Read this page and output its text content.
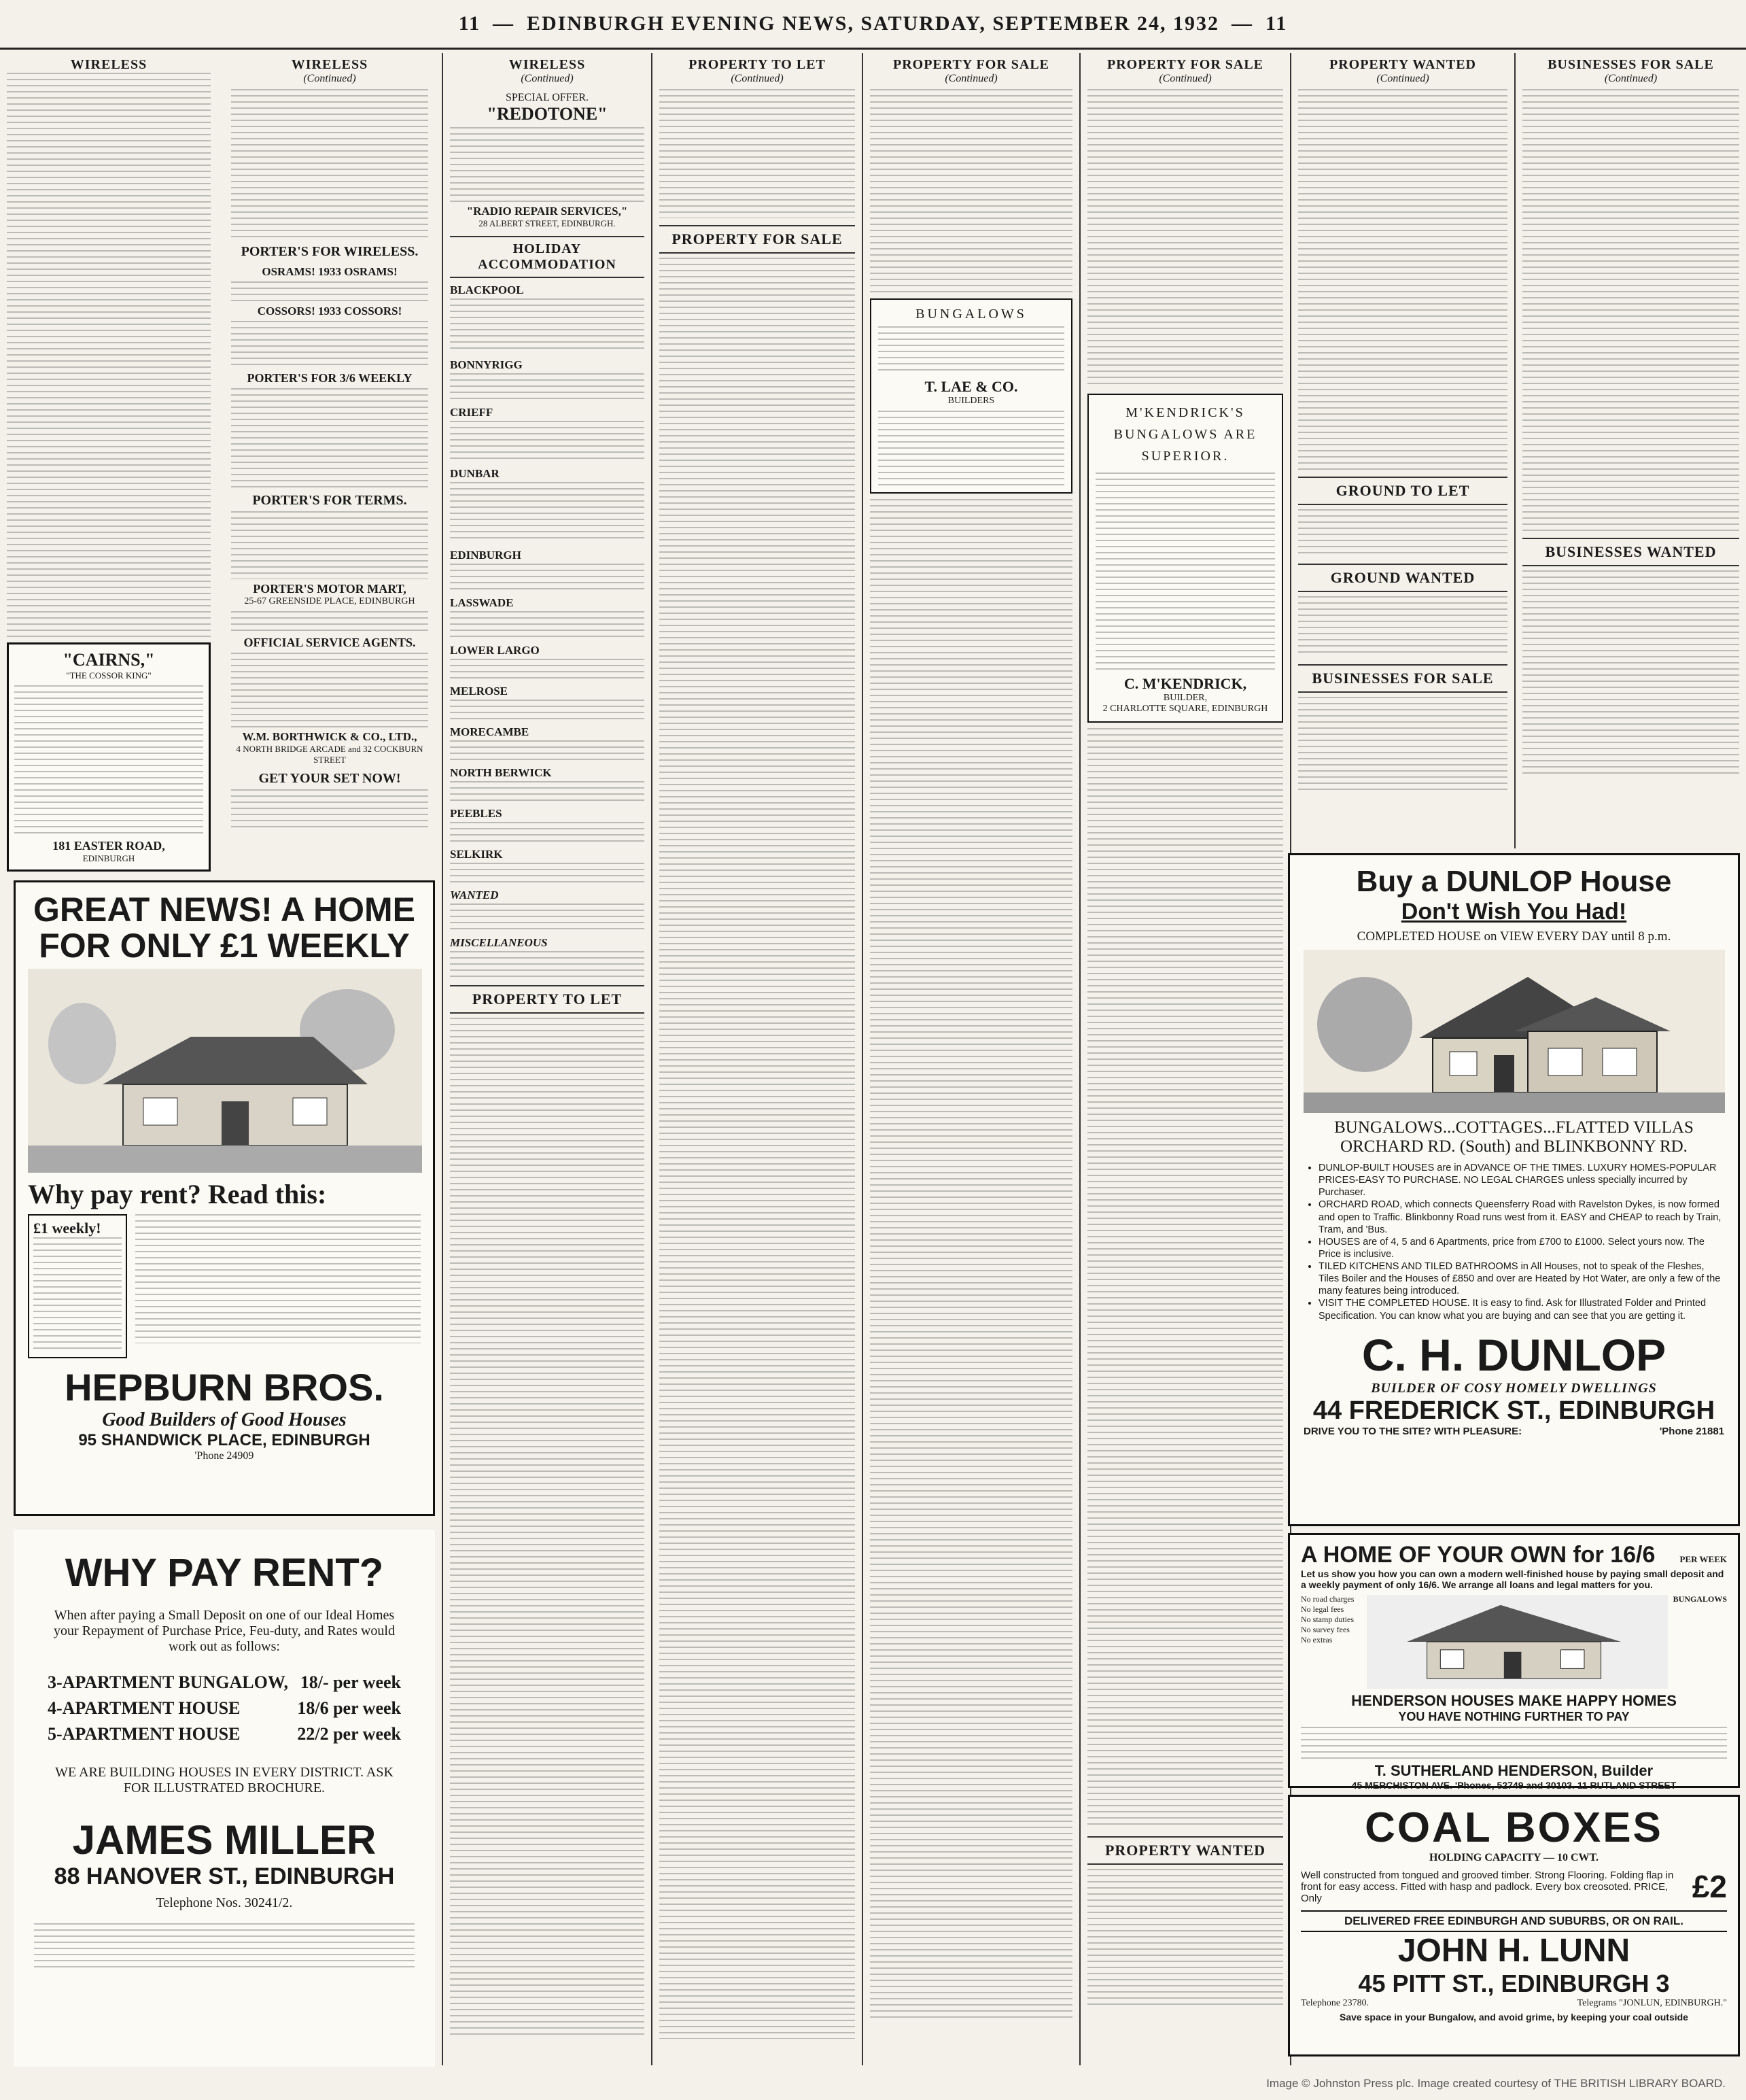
11 — EDINBURGH EVENING NEWS, SATURDAY, SEPTEMBER 24, 1932 — 11
WIRELESS
"CAIRNS,"
"THE COSSOR KING"
181 EASTER ROAD,
EDINBURGH
GREAT NEWS! A HOME
FOR ONLY £1 WEEKLY
Why pay rent? Read this:
£1 weekly!
HEPBURN BROS.
Good Builders of Good Houses
95 SHANDWICK PLACE, EDINBURGH
'Phone 24909
WHY PAY RENT?
When after paying a Small Deposit on one of our Ideal Homes your Repayment of Purchase Price, Feu-duty, and Rates would work out as follows:
3-APARTMENT BUNGALOW, 18/- per week
4-APARTMENT HOUSE	18/6 per week
5-APARTMENT HOUSE	22/2 per week
WE ARE BUILDING HOUSES IN EVERY DISTRICT. ASK FOR ILLUSTRATED BROCHURE.
JAMES MILLER
88 HANOVER ST., EDINBURGH
Telephone Nos. 30241/2.
WIRELESS
(Continued)
PORTER'S FOR WIRELESS.
OSRAMS! 1933 OSRAMS!
COSSORS! 1933 COSSORS!
PORTER'S FOR 3/6 WEEKLY
PORTER'S FOR TERMS.
PORTER'S MOTOR MART,
25-67 GREENSIDE PLACE, EDINBURGH
OFFICIAL SERVICE AGENTS.
W.M. BORTHWICK & CO., LTD.,
4 NORTH BRIDGE ARCADE and 32 COCKBURN STREET
GET YOUR SET NOW!
WIRELESS
(Continued)
SPECIAL OFFER.
"REDOTONE"
"RADIO REPAIR SERVICES,"
28 ALBERT STREET, EDINBURGH.
HOLIDAY ACCOMMODATION
BLACKPOOL
BONNYRIGG
CRIEFF
DUNBAR
EDINBURGH
LASSWADE
LOWER LARGO
MELROSE
MORECAMBE
NORTH BERWICK
PEEBLES
SELKIRK
WANTED
MISCELLANEOUS
PROPERTY TO LET
PROPERTY TO LET
(Continued)
PROPERTY FOR SALE
PROPERTY FOR SALE
(Continued)
BUNGALOWS
T. LAE & CO.
BUILDERS
PROPERTY FOR SALE
(Continued)
M'KENDRICK'S BUNGALOWS ARE SUPERIOR.
C. M'KENDRICK,
BUILDER,
2 CHARLOTTE SQUARE, EDINBURGH
PROPERTY WANTED
PROPERTY WANTED
(Continued)
GROUND TO LET
GROUND WANTED
BUSINESSES FOR SALE
BUSINESSES FOR SALE
(Continued)
BUSINESSES WANTED
Buy a DUNLOP House
Don't Wish You Had!
COMPLETED HOUSE on VIEW EVERY DAY until 8 p.m.
BUNGALOWS...COTTAGES...FLATTED VILLAS
ORCHARD RD. (South) and BLINKBONNY RD.
• DUNLOP-BUILT HOUSES are in ADVANCE OF THE TIMES. LUXURY HOMES-POPULAR PRICES-EASY TO PURCHASE. NO LEGAL CHARGES unless specially incurred by Purchaser.
• ORCHARD ROAD, which connects Queensferry Road with Ravelston Dykes, is now formed and open to Traffic. Blinkbonny Road runs west from it. EASY and CHEAP to reach by Train, Tram, and 'Bus.
• HOUSES are of 4, 5 and 6 Apartments, price from £700 to £1000. Select yours now. The Price is inclusive.
• TILED KITCHENS AND TILED BATHROOMS in All Houses, not to speak of the Fleshes, Tiles Boiler and the Houses of £850 and over are Heated by Hot Water, are only a few of the many features being introduced.
• VISIT THE COMPLETED HOUSE. It is easy to find. Ask for Illustrated Folder and Printed Specification. You can know what you are buying and can see that you are getting it.
C. H. DUNLOP
BUILDER OF COSY HOMELY DWELLINGS
44 FREDERICK ST., EDINBURGH
DRIVE YOU TO THE SITE? WITH PLEASURE:	'Phone 21881
A HOME OF YOUR OWN for 16/6	PER WEEK
Let us show you how you can own a modern well-finished house by paying small deposit and a weekly payment of only 16/6. We arrange all loans and legal matters for you.
No road charges
No legal fees
No stamp duties
No survey fees
No extras
BUNGALOWS
HENDERSON HOUSES MAKE HAPPY HOMES
YOU HAVE NOTHING FURTHER TO PAY
T. SUTHERLAND HENDERSON, Builder
45 MERCHISTON AVE. 'Phones, 52749 and 30103. 11 RUTLAND STREET
COAL BOXES
HOLDING CAPACITY — 10 CWT.
Well constructed from tongued and grooved timber. Strong Flooring. Folding flap in front for easy access. Fitted with hasp and padlock. Every box creosoted. PRICE, Only	£2
DELIVERED FREE EDINBURGH AND SUBURBS, OR ON RAIL.
JOHN H. LUNN
45 PITT ST., EDINBURGH 3
Telephone 23780.	Telegrams "JONLUN, EDINBURGH."
Save space in your Bungalow, and avoid grime, by keeping your coal outside
Image © Johnston Press plc. Image created courtesy of THE BRITISH LIBRARY BOARD.
